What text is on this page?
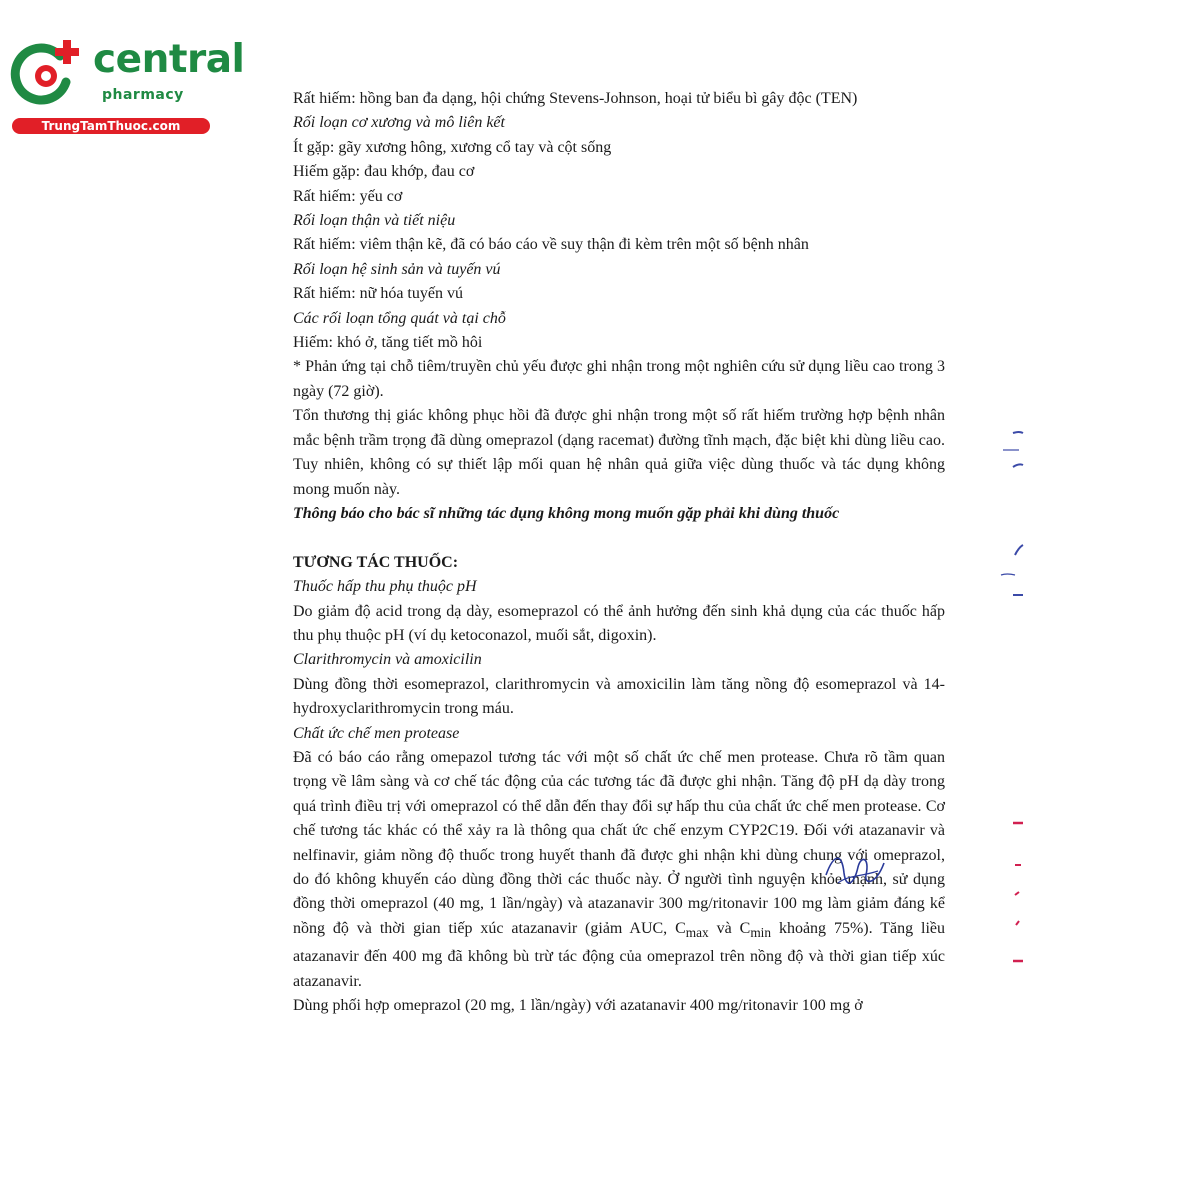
central
pharmacy
TrungTamThuoc.com

Rất hiếm: hồng ban đa dạng, hội chứng Stevens-Johnson, hoại tử biểu bì gây độc (TEN)

Rối loạn cơ xương và mô liên kết

Ít gặp: gãy xương hông, xương cổ tay và cột sống

Hiếm gặp: đau khớp, đau cơ

Rất hiếm: yếu cơ

Rối loạn thận và tiết niệu

Rất hiếm: viêm thận kẽ, đã có báo cáo về suy thận đi kèm trên một số bệnh nhân

Rối loạn hệ sinh sản và tuyến vú

Rất hiếm: nữ hóa tuyến vú

Các rối loạn tổng quát và tại chỗ

Hiếm: khó ở, tăng tiết mồ hôi

* Phản ứng tại chỗ tiêm/truyền chủ yếu được ghi nhận trong một nghiên cứu sử dụng liều cao trong 3 ngày (72 giờ).

Tổn thương thị giác không phục hồi đã được ghi nhận trong một số rất hiếm trường hợp bệnh nhân mắc bệnh trầm trọng đã dùng omeprazol (dạng racemat) đường tĩnh mạch, đặc biệt khi dùng liều cao. Tuy nhiên, không có sự thiết lập mối quan hệ nhân quả giữa việc dùng thuốc và tác dụng không mong muốn này.

Thông báo cho bác sĩ những tác dụng không mong muốn gặp phải khi dùng thuốc

TƯƠNG TÁC THUỐC:

Thuốc hấp thu phụ thuộc pH

Do giảm độ acid trong dạ dày, esomeprazol có thể ảnh hưởng đến sinh khả dụng của các thuốc hấp thu phụ thuộc pH (ví dụ ketoconazol, muối sắt, digoxin).

Clarithromycin và amoxicilin

Dùng đồng thời esomeprazol, clarithromycin và amoxicilin làm tăng nồng độ esomeprazol và 14-hydroxyclarithromycin trong máu.

Chất ức chế men protease

Đã có báo cáo rằng omepazol tương tác với một số chất ức chế men protease. Chưa rõ tầm quan trọng về lâm sàng và cơ chế tác động của các tương tác đã được ghi nhận. Tăng độ pH dạ dày trong quá trình điều trị với omeprazol có thể dẫn đến thay đổi sự hấp thu của chất ức chế men protease. Cơ chế tương tác khác có thể xảy ra là thông qua chất ức chế enzym CYP2C19. Đối với atazanavir và nelfinavir, giảm nồng độ thuốc trong huyết thanh đã được ghi nhận khi dùng chung với omeprazol, do đó không khuyến cáo dùng đồng thời các thuốc này. Ở người tình nguyện khỏe mạnh, sử dụng đồng thời omeprazol (40 mg, 1 lần/ngày) và atazanavir 300 mg/ritonavir 100 mg làm giảm đáng kể nồng độ và thời gian tiếp xúc atazanavir (giảm AUC, $C_{max}$ và $C_{min}$ khoảng 75%). Tăng liều atazanavir đến 400 mg đã không bù trừ tác động của omeprazol trên nồng độ và thời gian tiếp xúc atazanavir.

Dùng phối hợp omeprazol (20 mg, 1 lần/ngày) với azatanavir 400 mg/ritonavir 100 mg ở
